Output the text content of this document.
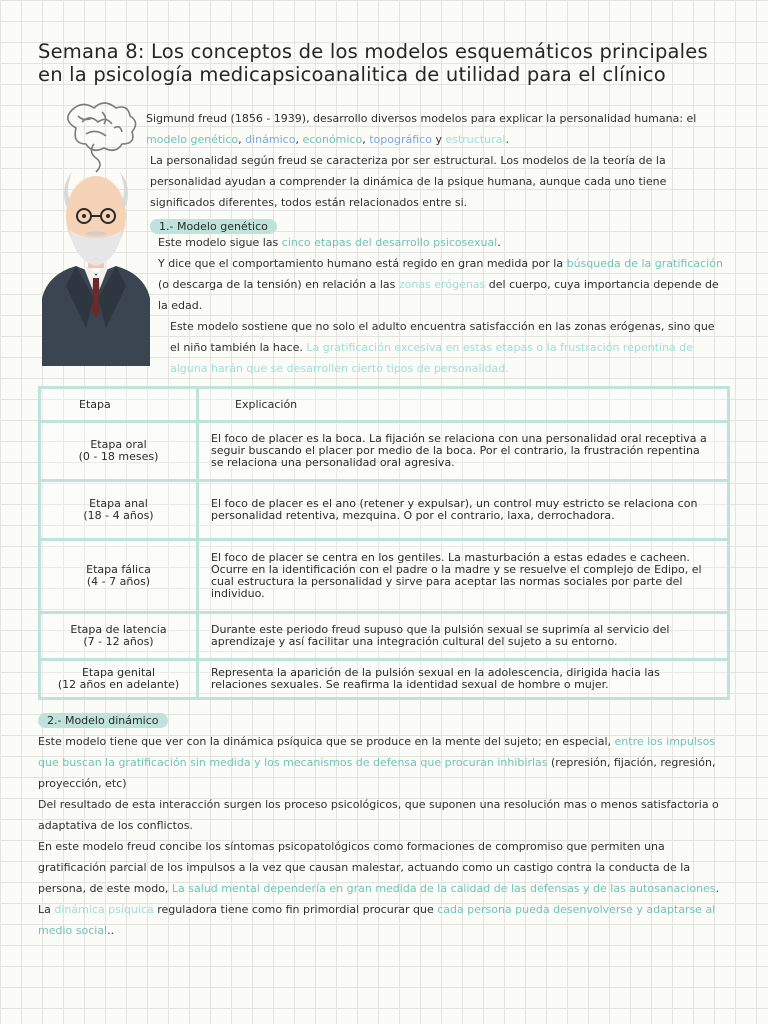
Semana 8: Los conceptos de los modelos esquemáticos principales en la psicología medicapsicoanalitica de utilidad para el clínico
Sigmund freud (1856 - 1939), desarrollo diversos modelos para explicar la personalidad humana: el modelo genético, dinámico, económico, topográfico y estructural.
La personalidad según freud se caracteriza por ser estructural. Los modelos de la teoría de la personalidad ayudan a comprender la dinámica de la psique humana, aunque cada uno tiene significados diferentes, todos están relacionados entre si.
1.- Modelo genético
Este modelo sigue las cinco etapas del desarrollo psicosexual.
Y dice que el comportamiento humano está regido en gran medida por la búsqueda de la gratificación (o descarga de la tensión) en relación a las zonas erógenas del cuerpo, cuya importancia depende de la edad.
Este modelo sostiene que no solo el adulto encuentra satisfacción en las zonas erógenas, sino que el niño también la hace. La gratificación excesiva en estas etapas o la frustración repentina de alguna harán que se desarrollen cierto tipos de personalidad.
Etapa	Explicación
Etapa oral
(0 - 18 meses)
El foco de placer es la boca. La fijación se relaciona con una personalidad oral receptiva a seguir buscando el placer por medio de la boca. Por el contrario, la frustración repentina se relaciona una personalidad oral agresiva.
Etapa anal
(18 - 4 años)
El foco de placer es el ano (retener y expulsar), un control muy estricto se relaciona con personalidad retentiva, mezquina. O por el contrario, laxa, derrochadora.
Etapa fálica
(4 - 7 años)
El foco de placer se centra en los gentiles. La masturbación a estas edades e cacheen. Ocurre en la identificación con el padre o la madre y se resuelve el complejo de Edipo, el cual estructura la personalidad y sirve para aceptar las normas sociales por parte del individuo.
Etapa de latencia
(7 - 12 años)
Durante este periodo freud supuso que la pulsión sexual se suprimía al servicio del aprendizaje y así facilitar una integración cultural del sujeto a su entorno.
Etapa genital
(12 años en adelante)
Representa la aparición de la pulsión sexual en la adolescencia, dirigida hacia las relaciones sexuales. Se reafirma la identidad sexual de hombre o mujer.
2.- Modelo dinámico
Este modelo tiene que ver con la dinámica psíquica que se produce en la mente del sujeto; en especial, entre los impulsos que buscan la gratificación sin medida y los mecanismos de defensa que procuran inhibirlas (represión, fijación, regresión, proyección, etc)
Del resultado de esta interacción surgen los proceso psicológicos, que suponen una resolución mas o menos satisfactoria o adaptativa de los conflictos.
En este modelo freud concibe los síntomas psicopatológicos como formaciones de compromiso que permiten una gratificación parcial de los impulsos a la vez que causan malestar, actuando como un castigo contra la conducta de la persona, de este modo, La salud mental dependería en gran medida de la calidad de las defensas y de las autosanaciones.
La dinámica psíquica reguladora tiene como fin primordial procurar que cada persona pueda desenvolverse y adaptarse al medio social..
